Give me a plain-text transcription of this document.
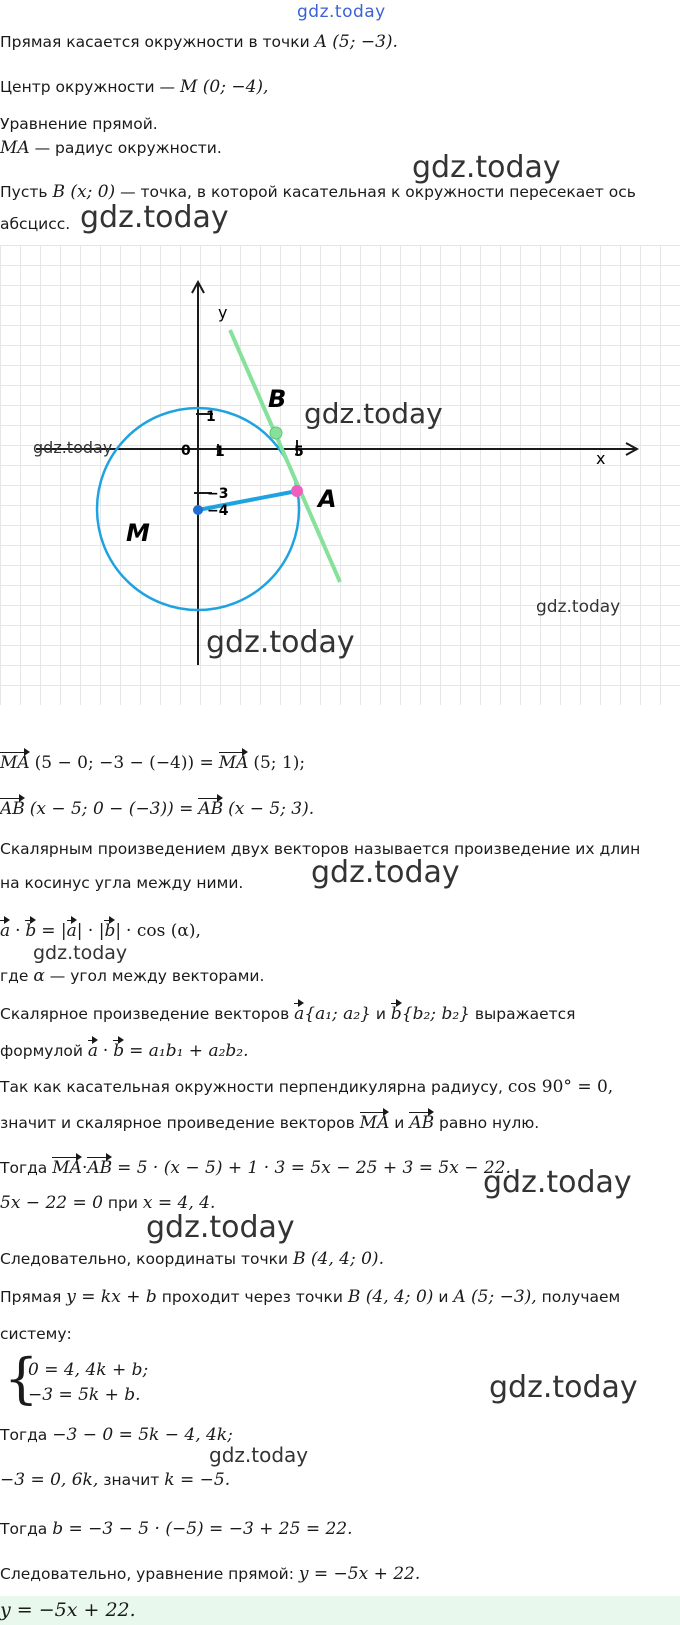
gdz.today
Прямая касается окружности в точки A (5; −3).
Центр окружности — M (0; −4),
Уравнение прямой.
MA — радиус окружности.
Пусть B (x; 0) — точка, в которой касательная к окружности пересекает ось
абсцисс.
gdz.today
gdz.today
y
x
1
0 1	5
−3
−4
B
A
M
gdz.today
gdz.today
gdz.today
gdz.today
MA (5 − 0; −3 − (−4)) = MA (5; 1);
AB (x − 5; 0 − (−3)) = AB (x − 5; 3).
Скалярным произведением двух векторов называется произведение их длин
на косинус угла между ними. gdz.today
a · b = |a| · |b| · cos (α),
gdz.today
где α — угол между векторами.
Скалярное произведение векторов a{a₁; a₂} и b{b₂; b₂} выражается
формулой a · b = a₁b₁ + a₂b₂.
Так как касательная окружности перпендикулярна радиусу, cos 90° = 0,
значит и скалярное проиведение векторов MA и AB равно нулю.
Тогда MA·AB = 5 · (x − 5) + 1 · 3 = 5x − 25 + 3 = 5x − 22.
gdz.today
5x − 22 = 0 при x = 4, 4.
gdz.today
Следовательно, координаты точки B (4, 4; 0).
Прямая y = kx + b проходит через точки B (4, 4; 0) и A (5; −3), получаем
систему:
{
0 = 4, 4k + b;
−3 = 5k + b.	gdz.today
Тогда −3 − 0 = 5k − 4, 4k;
gdz.today
−3 = 0, 6k, значит k = −5.
Тогда b = −3 − 5 · (−5) = −3 + 25 = 22.
Следовательно, уравнение прямой: y = −5x + 22.
y = −5x + 22.
